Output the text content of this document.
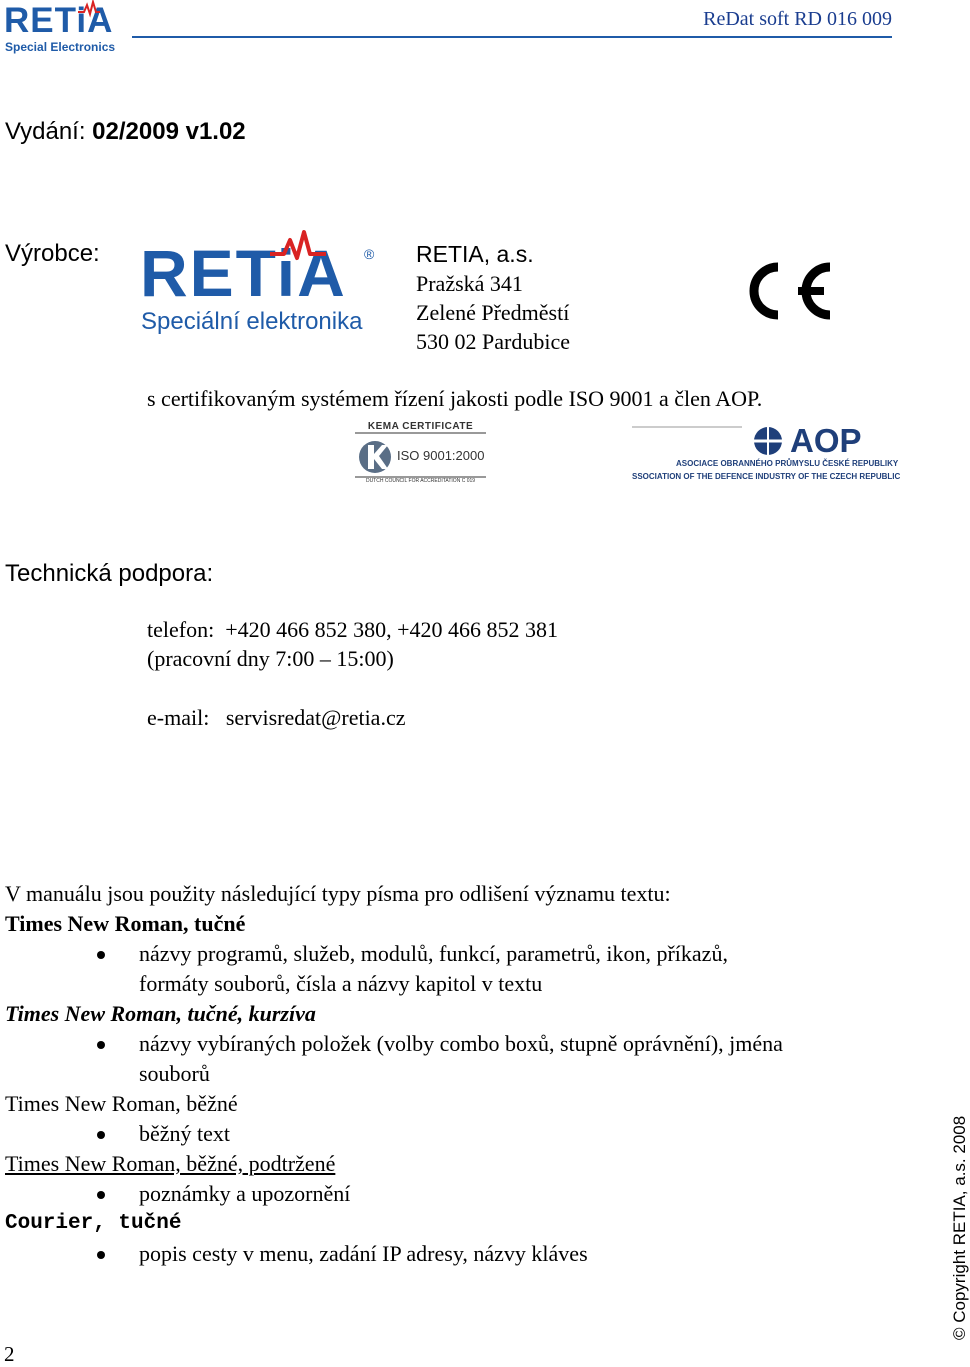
RETiA
Special Electronics
ReDat soft RD 016 009
Vydání: 02/2009 v1.02
Výrobce: RETiA ®
Speciální elektronika
RETIA, a.s.
Pražská 341
Zelené Předměstí
530 02 Pardubice
s certifikovaným systémem řízení jakosti podle ISO 9001 a člen AOP.
KEMA CERTIFICATE
ISO 9001:2000
DUTCH COUNCIL FOR ACCREDITATION C 019
AOP
ASOCIACE OBRANNÉHO PRŮMYSLU ČESKÉ REPUBLIKY
SSOCIATION OF THE DEFENCE INDUSTRY OF THE CZECH REPUBLIC
Technická podpora:
telefon: +420 466 852 380, +420 466 852 381
(pracovní dny 7:00 – 15:00)
e-mail: servisredat@retia.cz
V manuálu jsou použity následující typy písma pro odlišení významu textu:
Times New Roman, tučné
názvy programů, služeb, modulů, funkcí, parametrů, ikon, příkazů,
formáty souborů, čísla a názvy kapitol v textu
Times New Roman, tučné, kurzíva
názvy vybíraných položek (volby combo boxů, stupně oprávnění), jména
souborů
Times New Roman, běžné
běžný text
Times New Roman, běžné, podtržené
poznámky a upozornění
Courier, tučné
popis cesty v menu, zadání IP adresy, názvy kláves	© Copyright RETIA, a.s. 2008
2
